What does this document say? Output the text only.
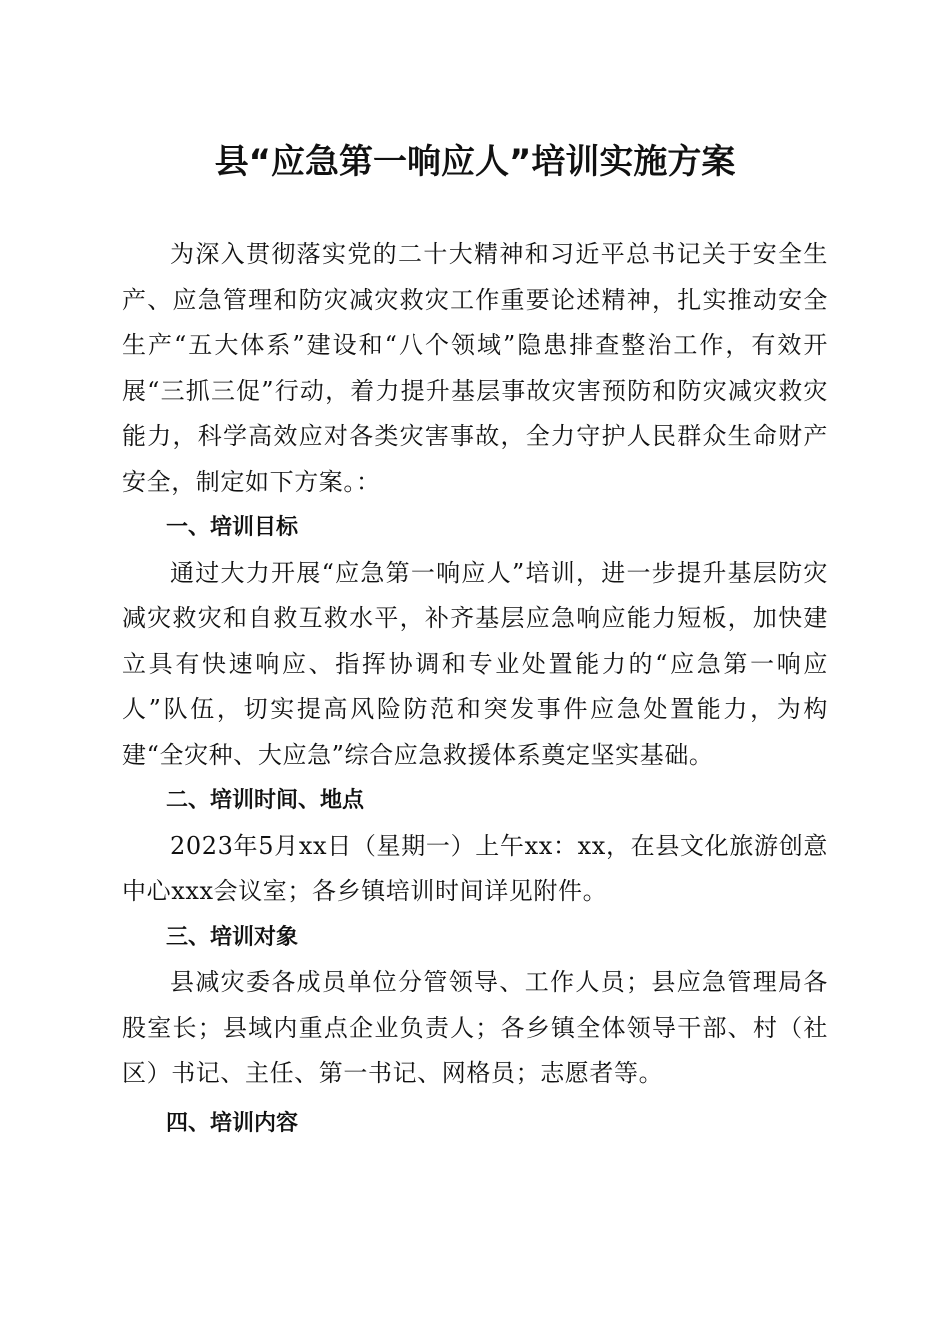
县“应急第一响应人”培训实施方案

为深入贯彻落实党的二十大精神和习近平总书记关于安全生产、应急管理和防灾减灾救灾工作重要论述精神，扎实推动安全生产“五大体系”建设和“八个领域”隐患排查整治工作，有效开展“三抓三促”行动，着力提升基层事故灾害预防和防灾减灾救灾能力，科学高效应对各类灾害事故，全力守护人民群众生命财产安全，制定如下方案。：

一、培训目标

通过大力开展“应急第一响应人”培训，进一步提升基层防灾减灾救灾和自救互救水平，补齐基层应急响应能力短板，加快建立具有快速响应、指挥协调和专业处置能力的“应急第一响应人”队伍，切实提高风险防范和突发事件应急处置能力，为构建“全灾种、大应急”综合应急救援体系奠定坚实基础。

二、培训时间、地点

2023年5月xx日（星期一）上午xx：xx，在县文化旅游创意中心xxx会议室；各乡镇培训时间详见附件。

三、培训对象

县减灾委各成员单位分管领导、工作人员；县应急管理局各股室长；县域内重点企业负责人；各乡镇全体领导干部、村（社区）书记、主任、第一书记、网格员；志愿者等。

四、培训内容
